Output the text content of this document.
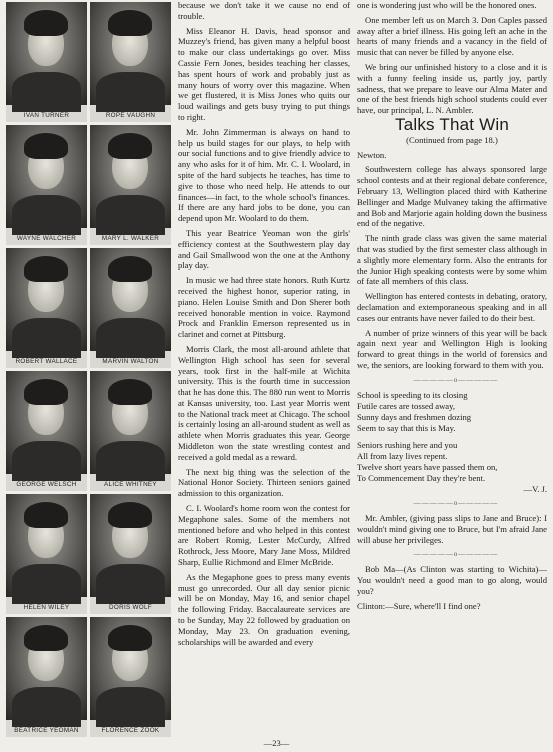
IVAN TURNER	ROPE VAUGHN
WAYNE WALCHER	MARY L. WALKER
ROBERT WALLACE	MARVIN WALTON
GEORGE WELSCH	ALICE WHITNEY
HELEN WILEY	DORIS WOLF
BEATRICE YEOMAN	FLORENCE ZOOK

because we don't take it we cause no end of trouble.

Miss Eleanor H. Davis, head sponsor and Muzzey's friend, has given many a helpful boost to make our class undertakings go over. Miss Cassie Fern Jones, besides teaching her classes, has spent hours of work and probably just as many hours of worry over this magazine. When we get flustered, it is Miss Jones who quits our loud wailings and gets busy trying to put things to right.

Mr. John Zimmerman is always on hand to help us build stages for our plays, to help with our social functions and to give friendly advice to any who asks for it of him. Mr. C. I. Woolard, in spite of the hard subjects he teaches, has time to give to those who need help. He attends to our finances—in fact, to the whole school's finances. If there are any hard jobs to be done, you can depend upon Mr. Woolard to do them.

This year Beatrice Yeoman won the girls' efficiency contest at the Southwestern play day and Gail Smallwood won the one at the Anthony play day.

In music we had three state honors. Ruth Kurtz received the highest honor, superior rating, in piano. Helen Louise Smith and Don Sherer both received honorable mention in voice. Raymond Prock and Franklin Emerson represented us in clarinet and cornet at Pittsburg.

Morris Clark, the most all-around athlete that Wellington High school has seen for several years, took first in the half-mile at Wichita university. This is the fourth time in succession that he has done this. The 880 run went to Morris at Kansas university, too. Last year Morris went to the National track meet at Chicago. The school is certainly losing an all-around student as well as athlete when Morris graduates this year. George Middleton won the state wrestling contest and received a gold medal as a reward.

The next big thing was the selection of the National Honor Society. Thirteen seniors gained admission to this organization.

C. I. Woolard's home room won the contest for Megaphone sales. Some of the members not mentioned before and who helped in this contest are Robert Romig, Lester McCurdy, Alfred Rothrock, Jess Moore, Mary Jane Moss, Mildred Sharp, Eullie Richmond and Elmer McBride.

As the Megaphone goes to press many events must go unrecorded. Our all day senior picnic will be on Monday, May 16, and senior chapel the following Friday. Baccalaureate services are to be Sunday, May 22 followed by graduation on Monday, May 23. On graduation evening, scholarships will be awarded and every

one is wondering just who will be the honored ones.

One member left us on March 3. Don Caples passed away after a brief illness. His going left an ache in the hearts of many friends and a vacancy in the field of music that can never be filled by anyone else.

We bring our unfinished history to a close and it is with a funny feeling inside us, partly joy, partly sadness, that we prepare to leave our Alma Mater and one of the best friends high school students could ever have, our principal, L. N. Ambler.

Talks That Win

(Continued from page 18.)

Newton.

Southwestern college has always sponsored large school contests and at their regional debate conference, February 13, Wellington placed third with Katherine Bellinger and Madge Mulvaney taking the affirmative and Bob and Marjorie again holding down the business end of the negative.

The ninth grade class was given the same material that was studied by the first semester class although in a slightly more elementary form. Also the entrants for the Junior High speaking contests were by some whim of fate all members of this class.

Wellington has entered contests in debating, oratory, declamation and extemporaneous speaking and in all cases our entrants have never failed to do their best.

A number of prize winners of this year will be back again next year and Wellington High is looking forward to great things in the world of forensics and we, the seniors, are looking forward to them with you.

—————o—————

School is speeding to its closing
Futile cares are tossed away,
Sunny days and freshmen dozing
Seem to say that this is May.
Seniors rushing here and you
All from lazy lives repent.
Twelve short years have passed them on,
To Commencement Day they're bent.

—V. J.

—————o—————

Mr. Ambler, (giving pass slips to Jane and Bruce): I wouldn't mind giving one to Bruce, but I'm afraid Jane will abuse her privileges.

—————o—————

Bob Ma—(As Clinton was starting to Wichita)—You wouldn't need a good man to go along, would you?

Clinton:—Sure, where'll I find one?

—23—
